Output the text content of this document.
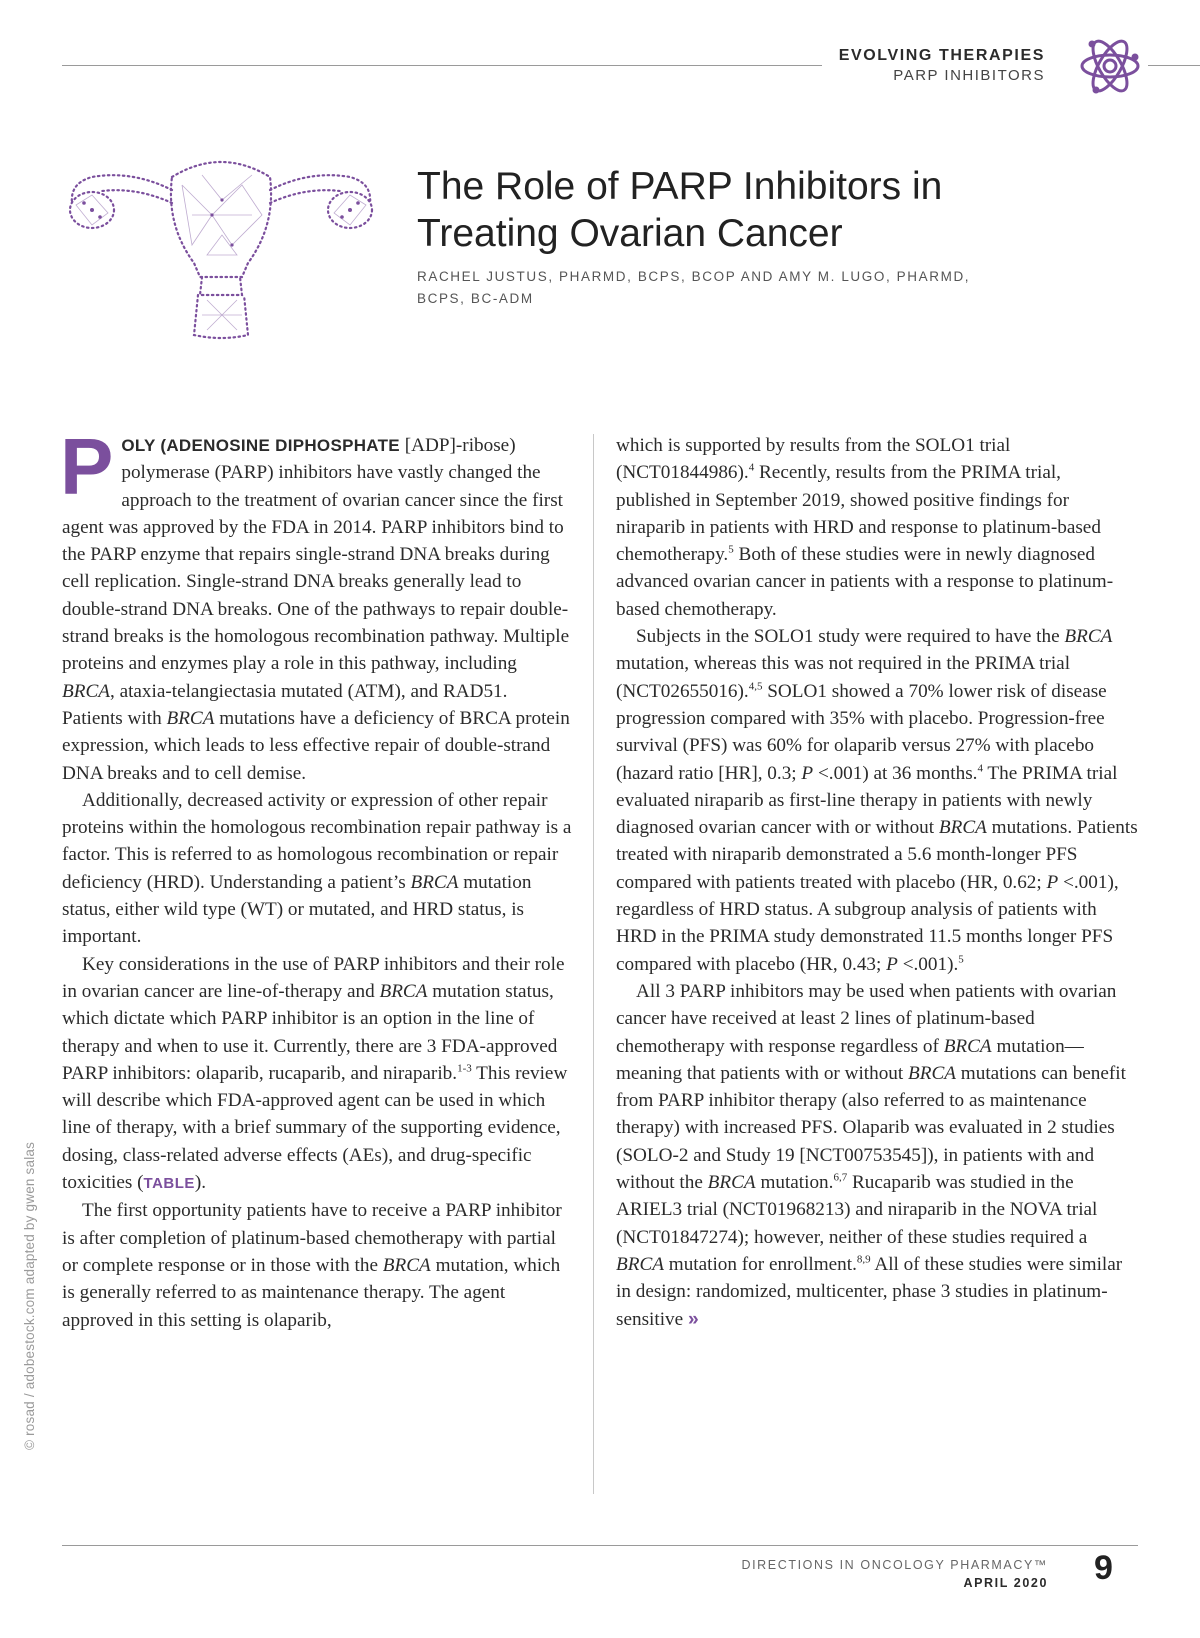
EVOLVING THERAPIES
PARP INHIBITORS
The Role of PARP Inhibitors in
Treating Ovarian Cancer
RACHEL JUSTUS, PHARMD, BCPS, BCOP AND AMY M. LUGO, PHARMD,
BCPS, BC-ADM

POLY (ADENOSINE DIPHOSPHATE [ADP]-ribose) polymerase (PARP) inhibitors have vastly changed the approach to the treatment of ovarian cancer since the first agent was approved by the FDA in 2014. PARP inhibitors bind to the PARP enzyme that repairs single-strand DNA breaks during cell replication. Single-strand DNA breaks generally lead to double-strand DNA breaks. One of the pathways to repair double-strand breaks is the homologous recombination pathway. Multiple proteins and enzymes play a role in this pathway, including BRCA, ataxia-telangiectasia mutated (ATM), and RAD51. Patients with BRCA mutations have a deficiency of BRCA protein expression, which leads to less effective repair of double-strand DNA breaks and to cell demise.

Additionally, decreased activity or expression of other repair proteins within the homologous recombination repair pathway is a factor. This is referred to as homologous recombination or repair deficiency (HRD). Understanding a patient’s BRCA mutation status, either wild type (WT) or mutated, and HRD status, is important.

Key considerations in the use of PARP inhibitors and their role in ovarian cancer are line-of-therapy and BRCA mutation status, which dictate which PARP inhibitor is an option in the line of therapy and when to use it. Currently, there are 3 FDA-approved PARP inhibitors: olaparib, rucaparib, and niraparib.$^{1-3}$ This review will describe which FDA-approved agent can be used in which line of therapy, with a brief summary of the supporting evidence, dosing, class-related adverse effects (AEs), and drug-specific toxicities (TABLE).

The first opportunity patients have to receive a PARP inhibitor is after completion of platinum-based chemotherapy with partial or complete response or in those with the BRCA mutation, which is generally referred to as maintenance therapy. The agent approved in this setting is olaparib,

which is supported by results from the SOLO1 trial (NCT01844986).$^4$ Recently, results from the PRIMA trial, published in September 2019, showed positive findings for niraparib in patients with HRD and response to platinum-based chemotherapy.$^5$ Both of these studies were in newly diagnosed advanced ovarian cancer in patients with a response to platinum-based chemotherapy.

Subjects in the SOLO1 study were required to have the BRCA mutation, whereas this was not required in the PRIMA trial (NCT02655016).$^{4,5}$ SOLO1 showed a 70% lower risk of disease progression compared with 35% with placebo. Progression-free survival (PFS) was 60% for olaparib versus 27% with placebo (hazard ratio [HR], 0.3; P <.001) at 36 months.$^4$ The PRIMA trial evaluated niraparib as first-line therapy in patients with newly diagnosed ovarian cancer with or without BRCA mutations. Patients treated with niraparib demonstrated a 5.6 month-longer PFS compared with patients treated with placebo (HR, 0.62; P <.001), regardless of HRD status. A subgroup analysis of patients with HRD in the PRIMA study demonstrated 11.5 months longer PFS compared with placebo (HR, 0.43; P <.001).$^5$

All 3 PARP inhibitors may be used when patients with ovarian cancer have received at least 2 lines of platinum-based chemotherapy with response regardless of BRCA mutation—meaning that patients with or without BRCA mutations can benefit from PARP inhibitor therapy (also referred to as maintenance therapy) with increased PFS. Olaparib was evaluated in 2 studies (SOLO-2 and Study 19 [NCT00753545]), in patients with and without the BRCA mutation.$^{6,7}$ Rucaparib was studied in the ARIEL3 trial (NCT01968213) and niraparib in the NOVA trial (NCT01847274); however, neither of these studies required a BRCA mutation for enrollment.$^{8,9}$ All of these studies were similar in design: randomized, multicenter, phase 3 studies in platinum-sensitive »

© rosad / adobestock.com adapted by gwen salas
DIRECTIONS IN ONCOLOGY PHARMACY™
APRIL 2020 9
